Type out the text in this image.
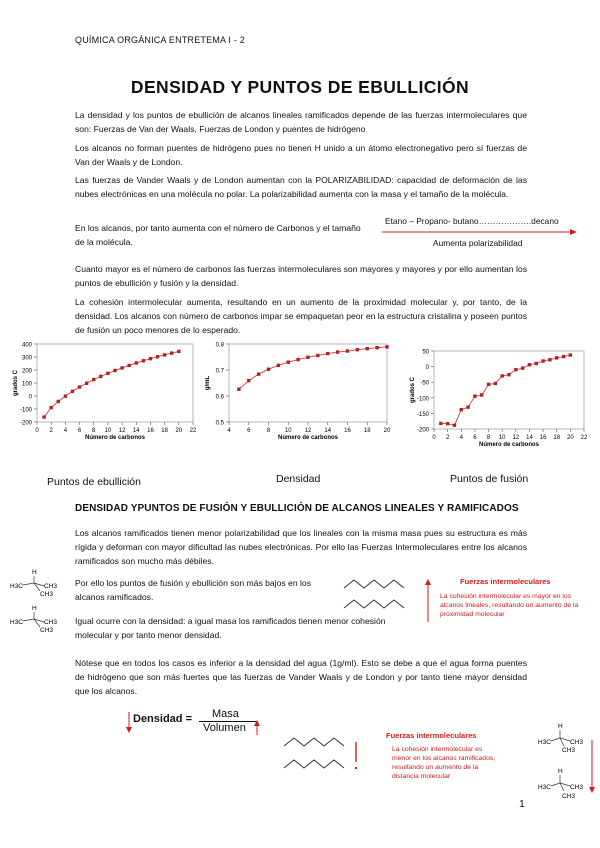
QUÍMICA ORGÁNICA ENTRETEMA I - 2
DENSIDAD Y PUNTOS DE EBULLICIÓN
La densidad y los puntos de ebullición de alcanos lineales ramificados depende de las fuerzas intermoleculares que son: Fuerzas de Van der Waals, Fuerzas de London y puentes de hidrógeno
Los alcanos no forman puentes de hidrógeno pues no tienen H unido a un átomo electronegativo pero sí fuerzas de Van der Waals y de London.
Las fuerzas de Vander Waals y de London aumentan con la POLARIZABILIDAD: capacidad de deformación de las nubes electrónicas en una molécula no polar. La polarizabilidad aumenta con la masa y el tamaño de la molécula.
En los alcanos, por tanto aumenta con el número de Carbonos y el tamaño de la molécula.
Etano – Propano- butano……………….decano
Aumenta polarizabilidad
Cuanto mayor es el número de carbonos las fuerzas intermoleculares son mayores y mayores y por ello aumentan los puntos de ebullición y fusión y la densidad.
La cohesión intermolecular aumenta, resultando en un aumento de la proximidad molecular y, por tanto, de la densidad. Los alcanos con número de carbonos impar se empaquetan peor en la estructura cristalina y poseen puntos de fusión un poco menores de lo esperado.
400
300
200
100
0
-100
-200
0 2 4 6 8 10 12 14 16 18 20 22
Número de carbonos
grados C
0.8
0.7
0.6
0.5
4	6	8 10 12 14 16 18 20
Número de carbonos
g/mL
50
0
-50
-100
-150
-200
0 2 4 6 8 10 12 14 16 18 20 22
Número de carbonos
grados C
Puntos de ebullición	Densidad	Puntos de fusión
DENSIDAD YPUNTOS DE FUSIÓN Y EBULLICIÓN DE ALCANOS LINEALES Y RAMIFICADOS
Los alcanos ramificados tienen menor polarizabilidad que los lineales con la misma masa pues su estructura es más rígida y deforman con mayor dificultad las nubes electrónicas. Por ello las Fuerzas Intermoleculares entre los alcanos ramificados son mucho más débiles.
H
H3C	CH3
CH3
H
H3C	CH3
CH3
Por ello los puntos de fusión y ebullición son más bajos en los alcanos ramificados.
Igual ocurre con la densidad: a igual masa los ramificados tienen menor cohesión molecular y por tanto menor densidad.
Fuerzas intermoleculares
La cohesión intermolecular es mayor en los alcanos lineales, resultando un aumento de la proximidad molecular
Nótese que en todos los casos es inferior a la densidad del agua (1g/ml). Esto se debe a que el agua forma puentes de hidrógeno que son más fuertes que las fuerzas de Vander Waals y de London y por tanto tiene mayor densidad que los alcanos.
Densidad = Masa
Volumen
Fuerzas intermoleculares
La cohesión intermolecular es menor en los alcanos ramificados, resultando un aumento de la distancia molecular
H
H3C	CH3
CH3
H
H3C	CH3
CH3
1
